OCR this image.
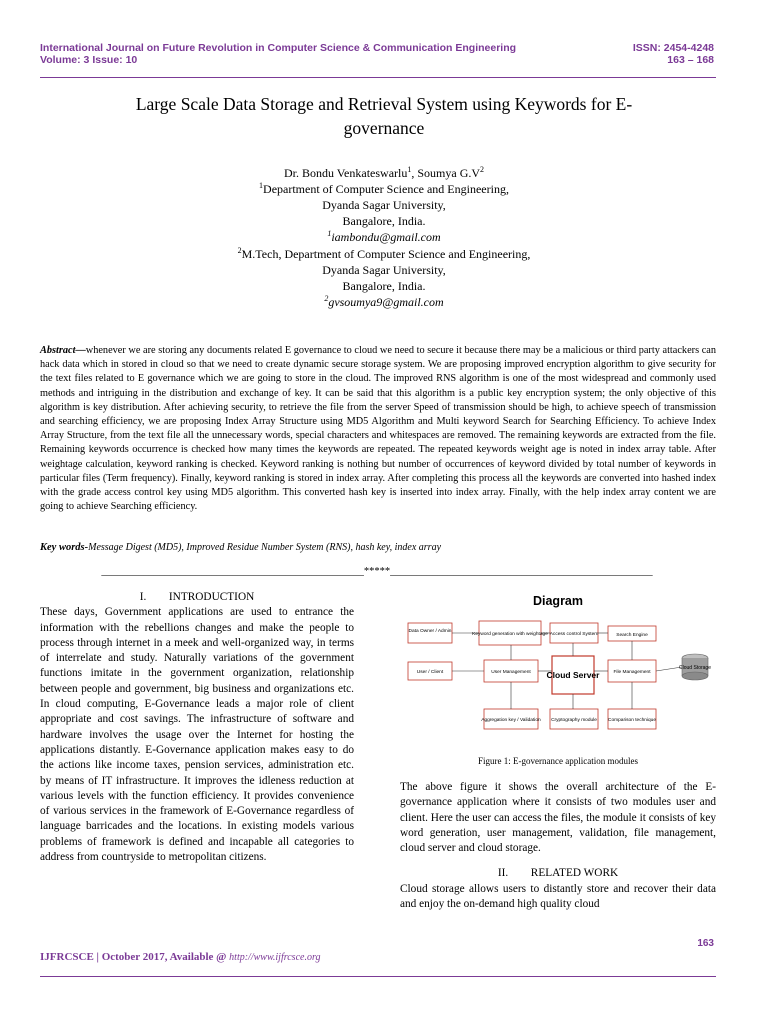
International Journal on Future Revolution in Computer Science & Communication Engineering
Volume: 3 Issue: 10
ISSN: 2454-4248
163 – 168
Large Scale Data Storage and Retrieval System using Keywords for E-
governance
Dr. Bondu Venkateswarlu$^1$, Soumya $G.V^2$
$^1$Department of Computer Science and Engineering,
Dyanda Sagar University,
Bangalore, India.
$^1$iambondu@gmail.com
$^2$M.Tech, Department of Computer Science and Engineering,
Dyanda Sagar University,
Bangalore, India.
$^2$gvsoumya9@gmail.com
Abstract—whenever we are storing any documents related E governance to cloud we need to secure it because there may be a malicious or third party attackers can hack data which in stored in cloud so that we need to create dynamic secure storage system. We are proposing improved encryption algorithm to give security for the text files related to E governance which we are going to store in the cloud. The improved RNS algorithm is one of the most widespread and commonly used methods and intriguing in the distribution and exchange of key. It can be said that this algorithm is a public key encryption system; the only objective of this algorithm is key distribution. After achieving security, to retrieve the file from the server Speed of transmission should be high, to achieve speech of transmission and searching efficiency, we are proposing Index Array Structure using MD5 Algorithm and Multi keyword Search for Searching Efficiency. To achieve Index Array Structure, from the text file all the unnecessary words, special characters and whitespaces are removed. The remaining keywords are extracted from the file. Remaining keywords occurrence is checked how many times the keywords are repeated. The repeated keywords weight age is noted in index array table. After weightage calculation, keyword ranking is checked. Keyword ranking is nothing but number of occurrences of keyword divided by total number of keywords in particular files (Term frequency). Finally, keyword ranking is stored in index array. After completing this process all the keywords are converted into hashed index with the grade access control key using MD5 algorithm. This converted hash key is inserted into index array. Finally, with the help index array content we are going to achieve Searching efficiency.
Key words-Message Digest (MD5), Improved Residue Number System (RNS), hash key, index array
__________________________________________________*****__________________________________________________
I.        INTRODUCTION
These days, Government applications are used to entrance the information with the rebellions changes and make the people to process through internet in a meek and well-organized way, in terms of interrelate and study. Naturally variations of the government functions imitate in the government organization, relationship between people and government, big business and organizations etc. In cloud computing, E-Governance leads a major role of client appropriate and cost savings. The infrastructure of software and hardware involves the usage over the Internet for hosting the applications distantly. E-Governance application makes easy to do the actions like income taxes, pension services, administration etc. by means of IT infrastructure. It improves the idleness reduction at various levels with the function efficiency. It provides convenience of various services in the framework of E-Governance regardless of language barricades and the locations. In existing models various problems of framework is defined and incapable all categories to address from countryside to metropolitan citizens.
Diagram
Data Owner / Admin
Keyword generation with weightage Access control System	Search Engine
User / Client	User Management	File Management
Cloud Storage
Aggregation key / Validation Cryptography module Comparison technique
Cloud Server
Figure 1: E-governance application modules
The above figure it shows the overall architecture of the E-governance application where it consists of two modules user and client. Here the user can access the files, the module it consists of key word generation, user management, validation, file management, cloud server and cloud storage.
II.        RELATED WORK
Cloud storage allows users to distantly store and recover their data and enjoy the on-demand high quality cloud
163
IJFRCSCE | October 2017, Available @ http://www.ijfrcsce.org
